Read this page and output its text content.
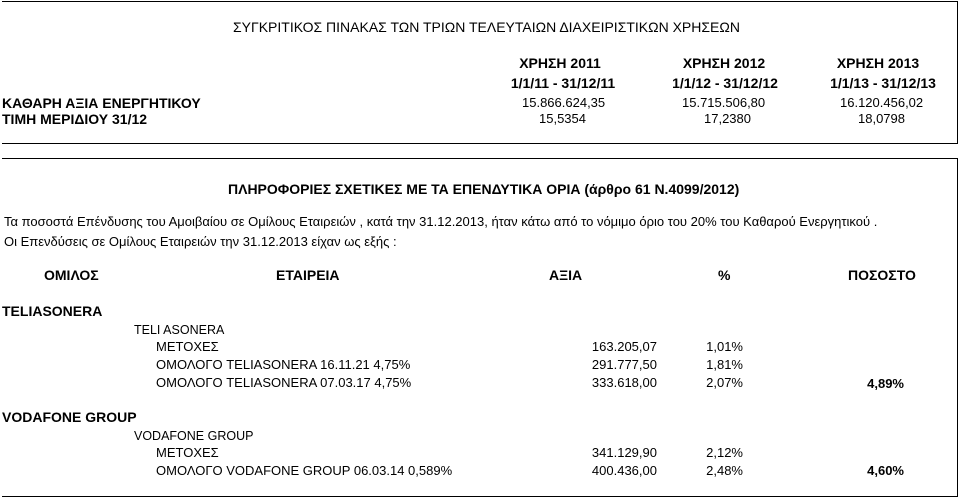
ΣΥΓΚΡΙΤΙΚΟΣ ΠΙΝΑΚΑΣ ΤΩΝ ΤΡΙΩΝ ΤΕΛΕΥΤΑΙΩΝ ΔΙΑΧΕΙΡΙΣΤΙΚΩΝ ΧΡΗΣΕΩΝ
ΧΡΗΣΗ 2011	ΧΡΗΣΗ 2012	ΧΡΗΣΗ 2013
1/1/11 - 31/12/11	1/1/12 - 31/12/12	1/1/13 - 31/12/13
ΚΑΘΑΡΗ ΑΞΙΑ ΕΝΕΡΓΗΤΙΚΟΥ	15.866.624,35	15.715.506,80	16.120.456,02
ΤΙΜΗ ΜΕΡΙΔΙΟΥ 31/12	15,5354	17,2380	18,0798
ΠΛΗΡΟΦΟΡΙΕΣ ΣΧΕΤΙΚΕΣ ΜΕ ΤΑ ΕΠΕΝΔΥΤΙΚΑ ΟΡΙΑ (άρθρο 61 Ν.4099/2012)
Τα ποσοστά Επένδυσης του Αμοιβαίου σε Ομίλους Εταιρειών , κατά την 31.12.2013, ήταν κάτω από το νόμιμο όριο του 20% του Καθαρού Ενεργητικού .
Οι Επενδύσεις σε Ομίλους Εταιρειών την 31.12.2013 είχαν ως εξής :
ΟΜΙΛΟΣ	ΕΤΑΙΡΕΙΑ	ΑΞΙΑ	%	ΠΟΣΟΣΤΟ
TELIASONERA
TELI ASONERA
ΜΕΤΟΧΕΣ	163.205,07	1,01%
ΟΜΟΛΟΓΟ TELIASONERA 16.11.21 4,75%	291.777,50	1,81%
ΟΜΟΛΟΓΟ TELIASONERA 07.03.17 4,75%	333.618,00	2,07%	4,89%
VODAFONE GROUP
VODAFONE GROUP
ΜΕΤΟΧΕΣ	341.129,90	2,12%
ΟΜΟΛΟΓΟ VODAFONE GROUP 06.03.14 0,589%	400.436,00	2,48%	4,60%
